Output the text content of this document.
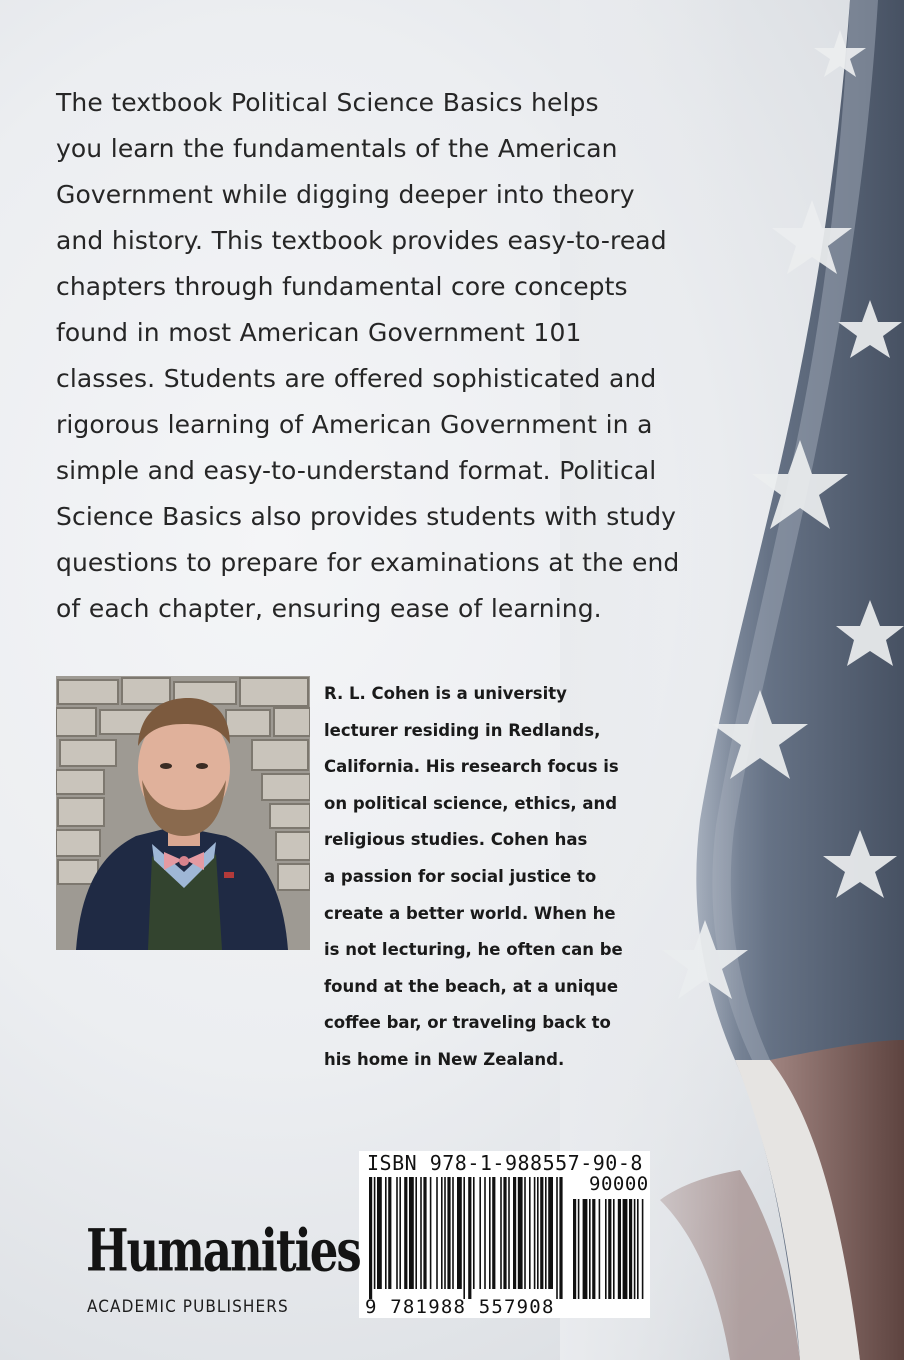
The textbook Political Science Basics helps
you learn the fundamentals of the American
Government while digging deeper into theory
and history. This textbook provides easy-to-read
chapters through fundamental core concepts
found in most American Government 101
classes. Students are offered sophisticated and
rigorous learning of American Government in a
simple and easy-to-understand format. Political
Science Basics also provides students with study
questions to prepare for examinations at the end
of each chapter, ensuring ease of learning.

R. L. Cohen is a university
lecturer residing in Redlands,
California. His research focus is
on political science, ethics, and
religious studies. Cohen has
a passion for social justice to
create a better world. When he
is not lecturing, he often can be
found at the beach, at a unique
coffee bar, or traveling back to
his home in New Zealand.

ISBN 978-1-988557-90-8
90000
9 781988 557908
Humanities
ACADEMIC PUBLISHERS
